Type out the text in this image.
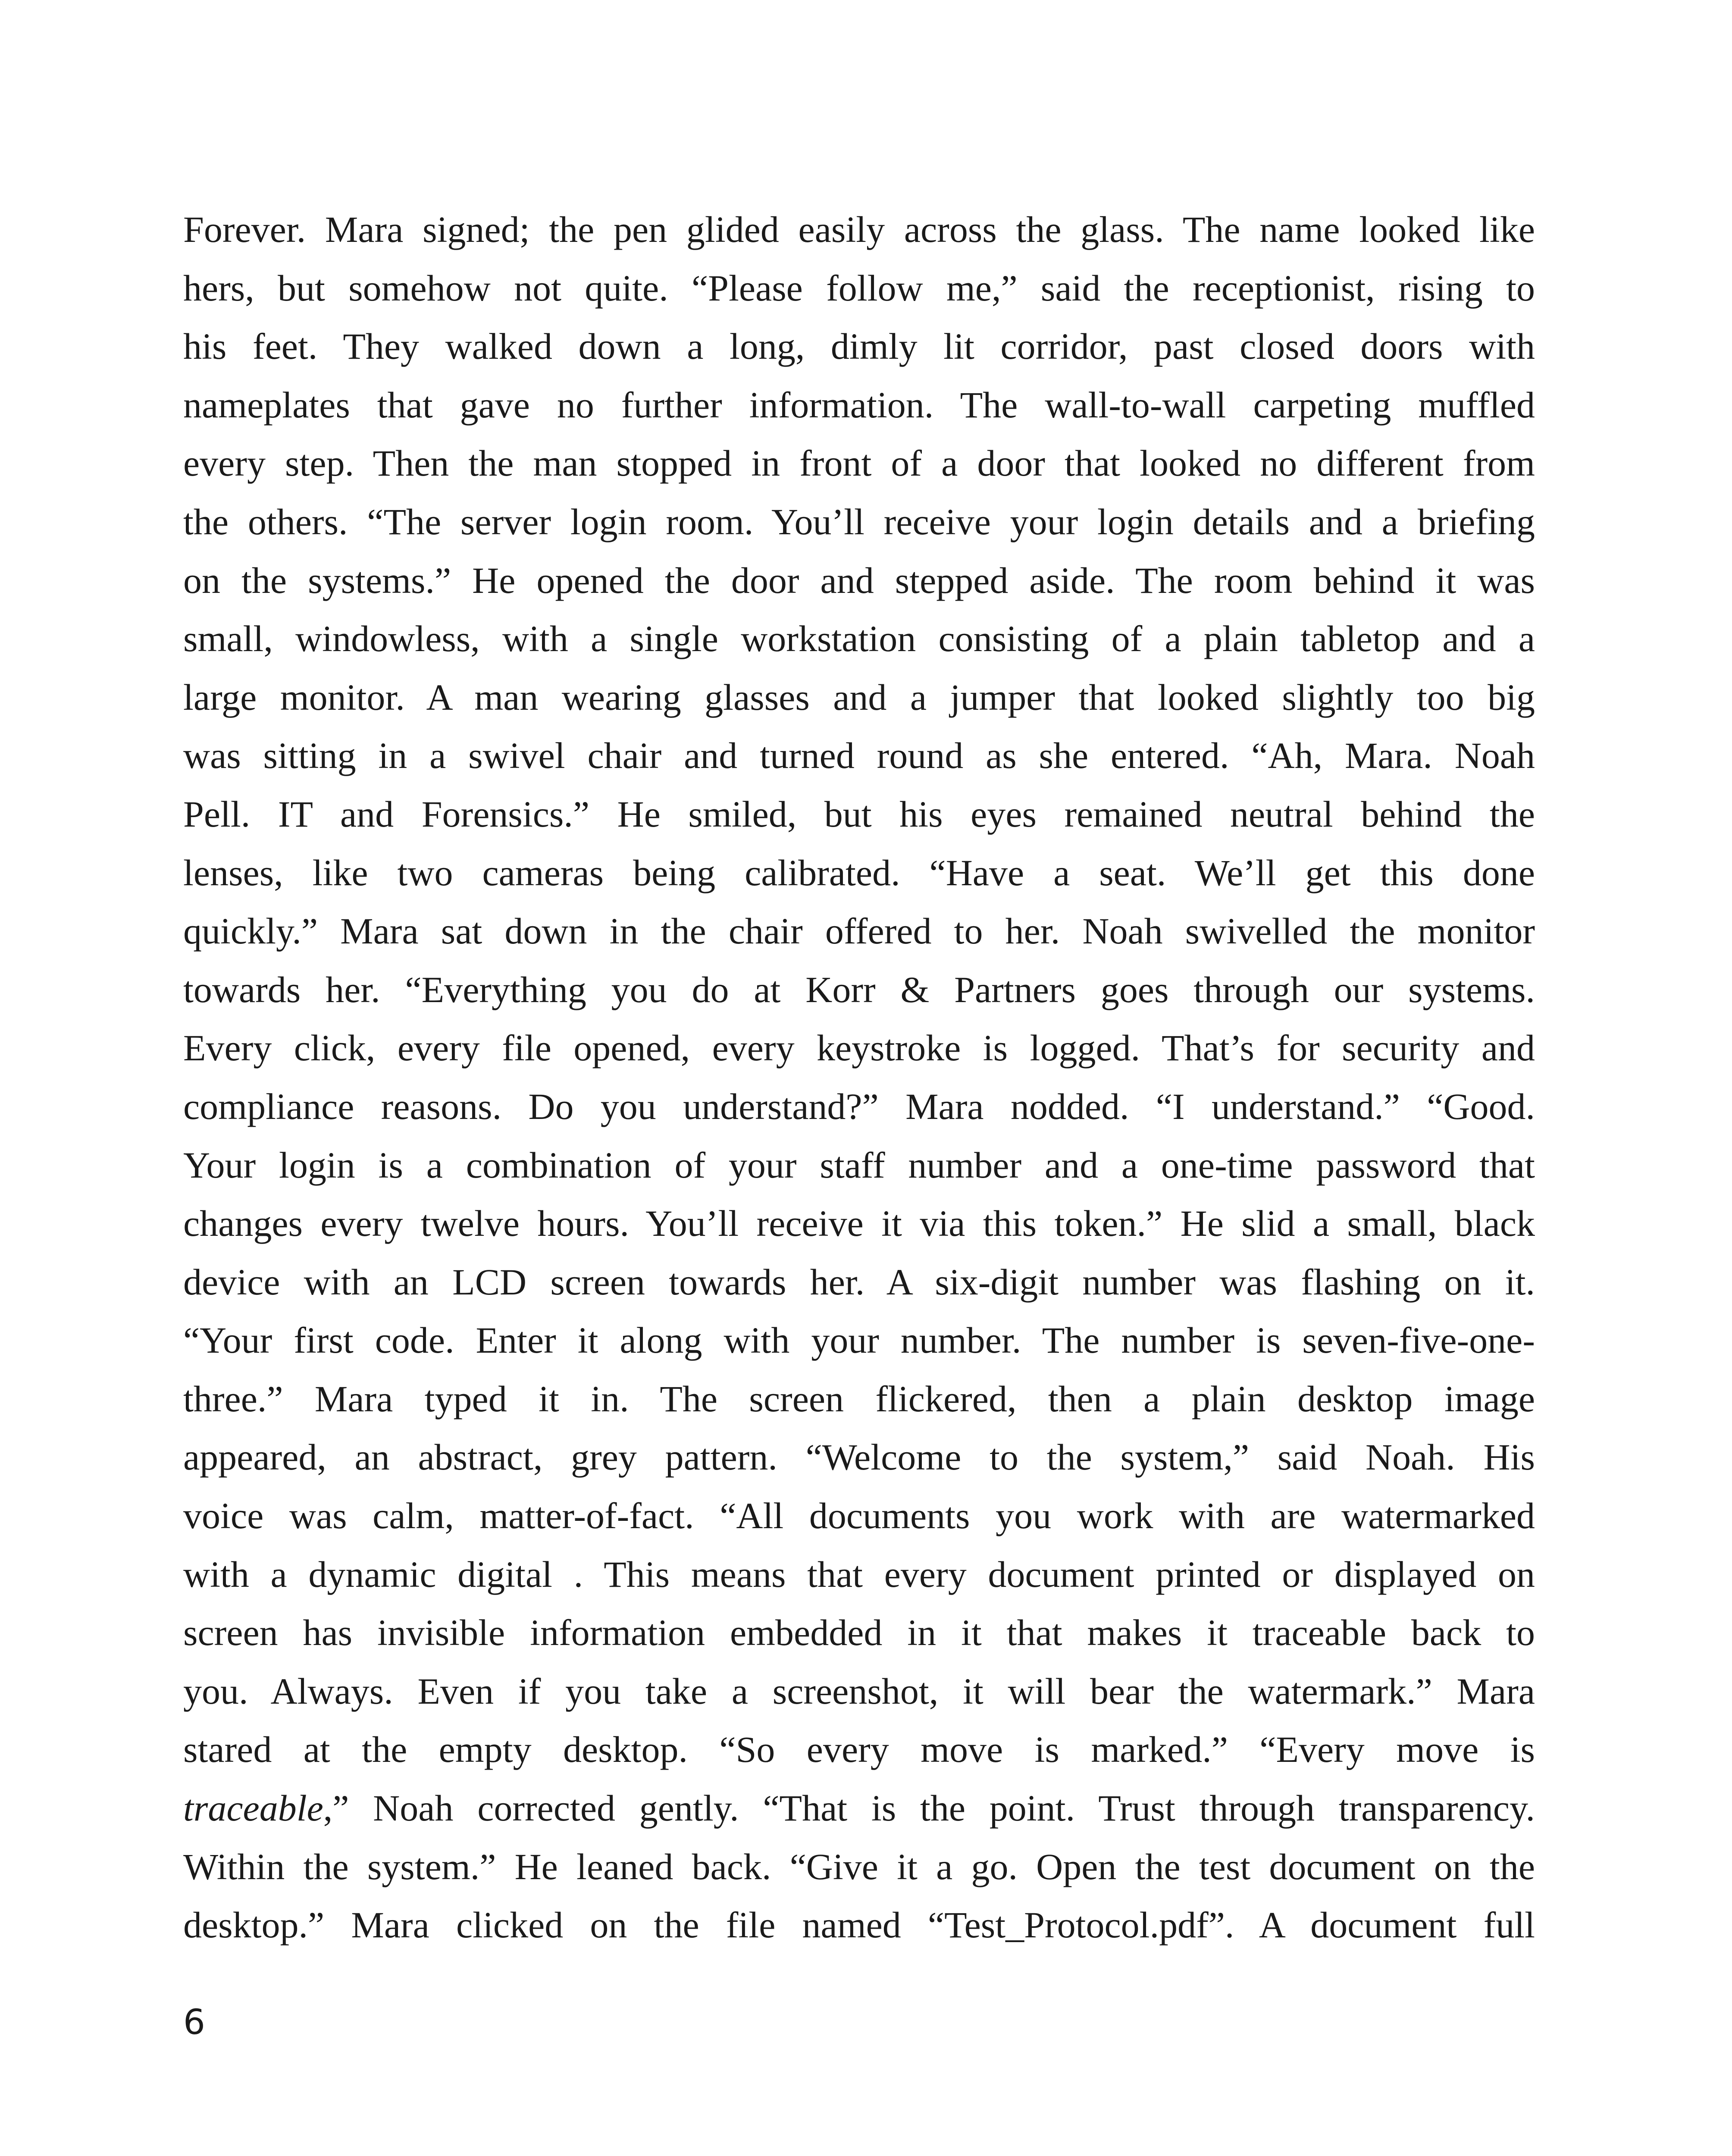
Forever. Mara signed; the pen glided easily across the glass. The name looked like
hers, but somehow not quite. “Please follow me,” said the receptionist, rising to
his feet. They walked down a long, dimly lit corridor, past closed doors with
nameplates that gave no further information. The wall-to-wall carpeting muffled
every step. Then the man stopped in front of a door that looked no different from
the others. “The server login room. You’ll receive your login details and a briefing
on the systems.” He opened the door and stepped aside. The room behind it was
small, windowless, with a single workstation consisting of a plain tabletop and a
large monitor. A man wearing glasses and a jumper that looked slightly too big
was sitting in a swivel chair and turned round as she entered. “Ah, Mara. Noah
Pell. IT and Forensics.” He smiled, but his eyes remained neutral behind the
lenses, like two cameras being calibrated. “Have a seat. We’ll get this done
quickly.” Mara sat down in the chair offered to her. Noah swivelled the monitor
towards her. “Everything you do at Korr & Partners goes through our systems.
Every click, every file opened, every keystroke is logged. That’s for security and
compliance reasons. Do you understand?” Mara nodded. “I understand.” “Good.
Your login is a combination of your staff number and a one-time password that
changes every twelve hours. You’ll receive it via this token.” He slid a small, black
device with an LCD screen towards her. A six-digit number was flashing on it.
“Your first code. Enter it along with your number. The number is seven-five-one-
three.” Mara typed it in. The screen flickered, then a plain desktop image
appeared, an abstract, grey pattern. “Welcome to the system,” said Noah. His
voice was calm, matter-of-fact. “All documents you work with are watermarked
with a dynamic digital . This means that every document printed or displayed on
screen has invisible information embedded in it that makes it traceable back to
you. Always. Even if you take a screenshot, it will bear the watermark.” Mara
stared at the empty desktop. “So every move is marked.” “Every move is
traceable,” Noah corrected gently. “That is the point. Trust through transparency.
Within the system.” He leaned back. “Give it a go. Open the test document on the
desktop.” Mara clicked on the file named “Test_Protocol.pdf”. A document full
6
